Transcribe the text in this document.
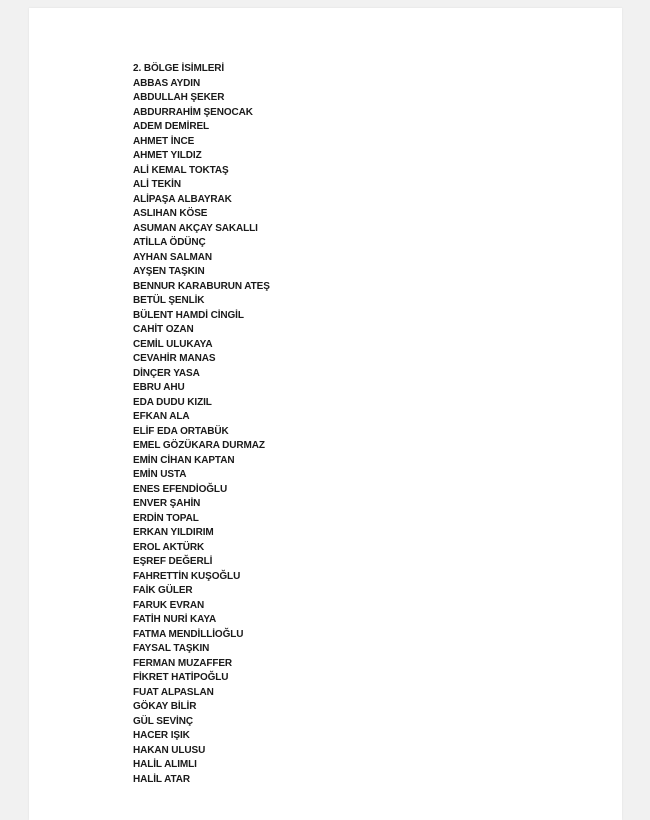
2. BÖLGE İSİMLERİ
ABBAS AYDIN
ABDULLAH ŞEKER
ABDURRAHİM ŞENOCAK
ADEM DEMİREL
AHMET İNCE
AHMET YILDIZ
ALİ KEMAL TOKTAŞ
ALİ TEKİN
ALİPAŞA ALBAYRAK
ASLIHAN KÖSE
ASUMAN AKÇAY SAKALLI
ATİLLA ÖDÜNÇ
AYHAN SALMAN
AYŞEN TAŞKIN
BENNUR KARABURUN ATEŞ
BETÜL ŞENLİK
BÜLENT HAMDİ CİNGİL
CAHİT OZAN
CEMİL ULUKAYA
CEVAHİR MANAS
DİNÇER YASA
EBRU AHU
EDA DUDU KIZIL
EFKAN ALA
ELİF EDA ORTABÜK
EMEL GÖZÜKARA DURMAZ
EMİN CİHAN KAPTAN
EMİN USTA
ENES EFENDİOĞLU
ENVER ŞAHİN
ERDİN TOPAL
ERKAN YILDIRIM
EROL AKTÜRK
EŞREF DEĞERLİ
FAHRETTİN KUŞOĞLU
FAİK GÜLER
FARUK EVRAN
FATİH NURİ KAYA
FATMA MENDİLLİOĞLU
FAYSAL TAŞKIN
FERMAN MUZAFFER
FİKRET HATİPOĞLU
FUAT ALPASLAN
GÖKAY BİLİR
GÜL SEVİNÇ
HACER IŞIK
HAKAN ULUSU
HALİL ALIMLI
HALİL ATAR
